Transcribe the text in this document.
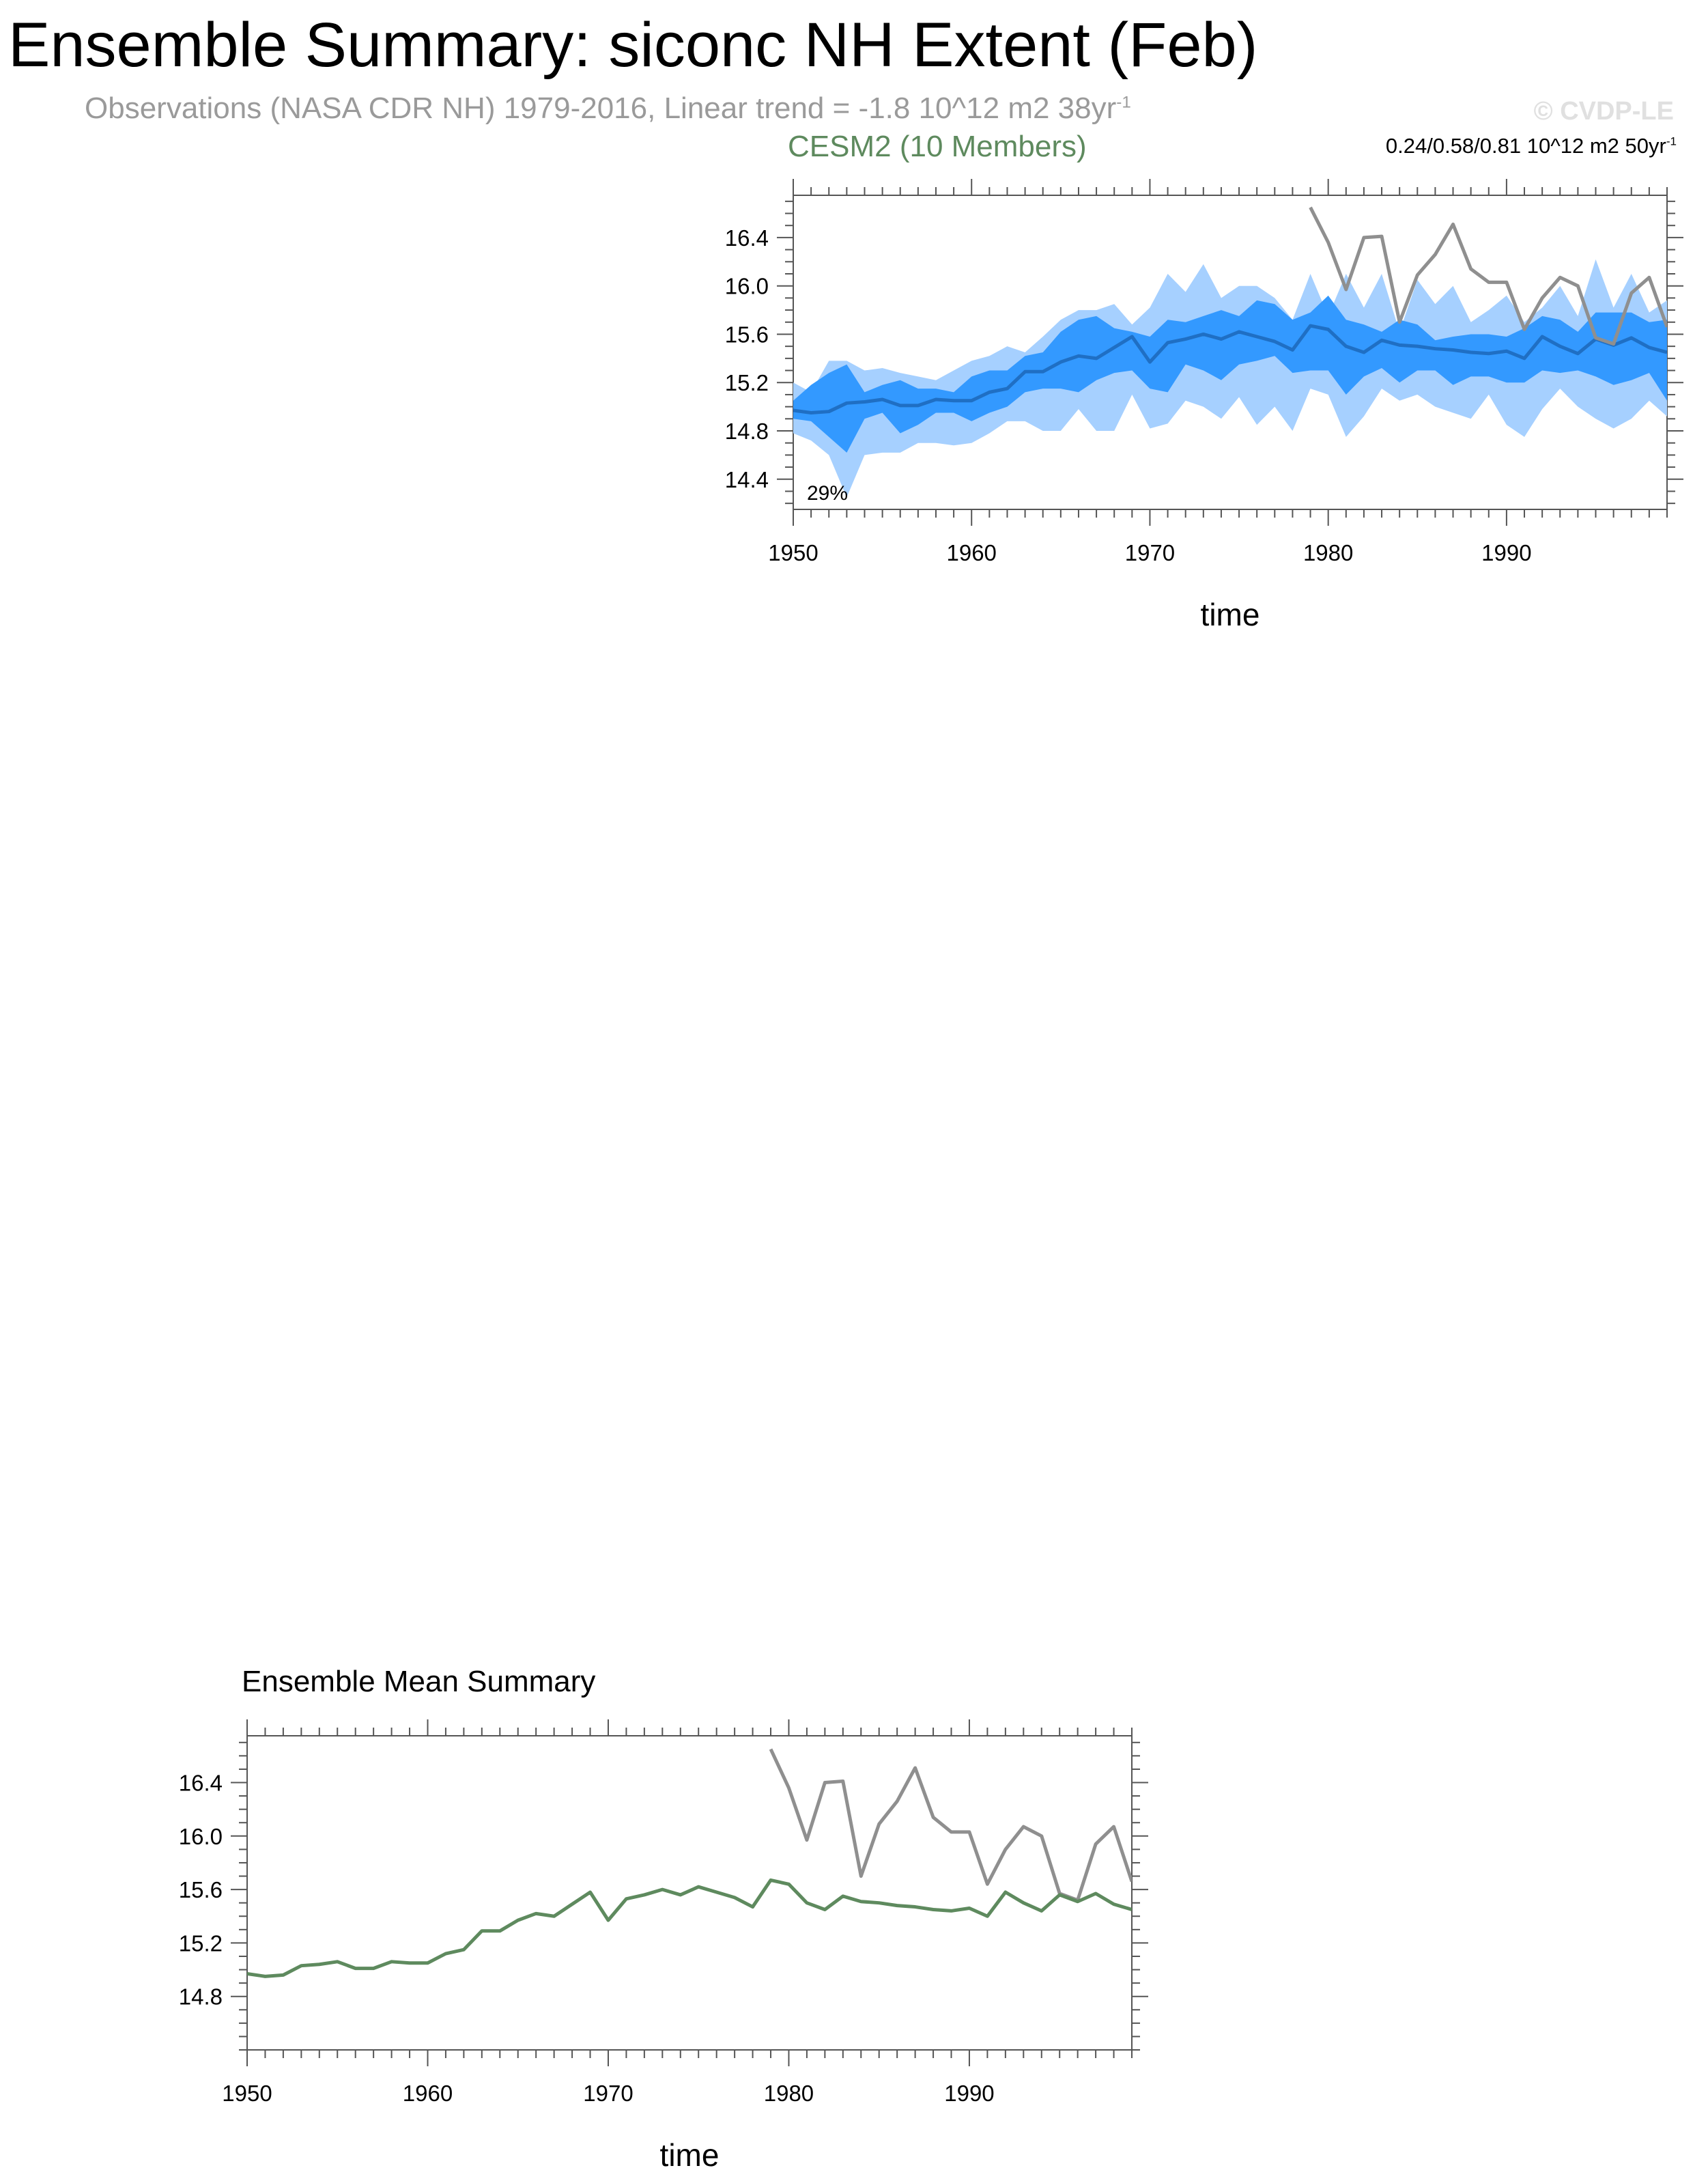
Ensemble Summary: siconc NH Extent (Feb)
Observations (NASA CDR NH) 1979-2016, Linear trend = -1.8 10^12 m2 $38yr^{-1}$	© CVDP-LE
CESM2 (10 Members)	0.24/0.58/0.81 10^12 m2 $50yr^{-1}$
1950	1960	1970	1980	1990
14.4
14.8
15.2
15.6
16.0
16.4
time
29%
Ensemble Mean Summary
1950	1960	1970	1980	1990
14.8
15.2
15.6
16.0
16.4
time
